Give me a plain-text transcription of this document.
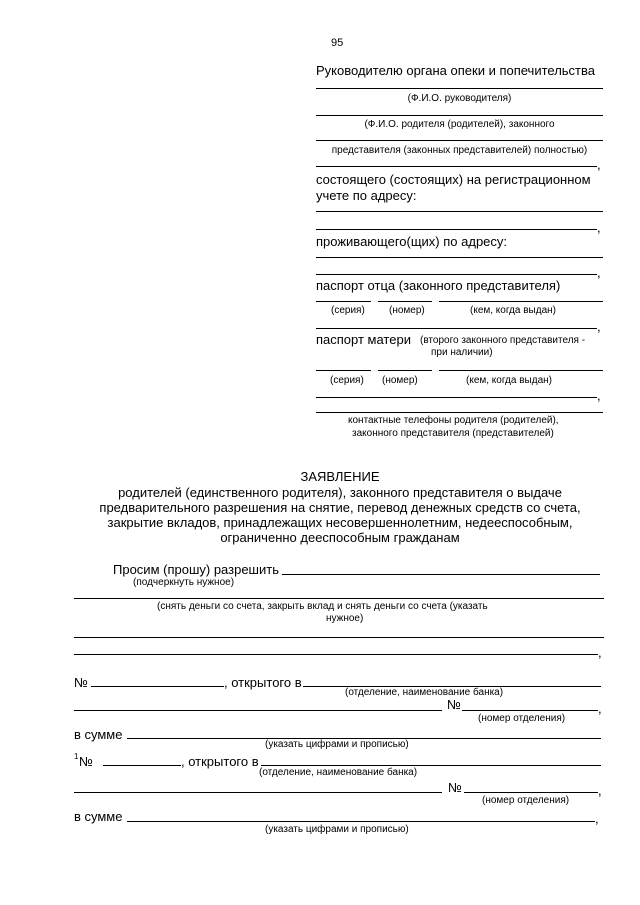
95
Руководителю органа опеки и попечительства
(Ф.И.О. руководителя)
(Ф.И.О. родителя (родителей), законного
представителя (законных представителей) полностью)
,
состоящего (состоящих) на регистрационном
учете по адресу:
,
проживающего(щих) по адресу:
,
паспорт отца (законного представителя)
(серия) (номер)	(кем, когда выдан)
,
паспорт матери (второго законного представителя -
при наличии)
(серия) (номер)	(кем, когда выдан)
,
контактные телефоны родителя (родителей),
законного представителя (представителей)
ЗАЯВЛЕНИЕ
родителей (единственного родителя), законного представителя о выдаче
предварительного разрешения на снятие, перевод денежных средств со счета,
закрытие вкладов, принадлежащих несовершеннолетним, недееспособным,
ограниченно дееспособным гражданам
Просим (прошу) разрешить
(подчеркнуть нужное)
(снять деньги со счета, закрыть вклад и снять деньги со счета (указать
нужное)
,
№	, открытого в
(отделение, наименование банка)
№	,
(номер отделения)
в сумме
(указать цифрами и прописью)
1 №	, открытого в
(отделение, наименование банка)
№	,
(номер отделения)
в сумме	,
(указать цифрами и прописью)
